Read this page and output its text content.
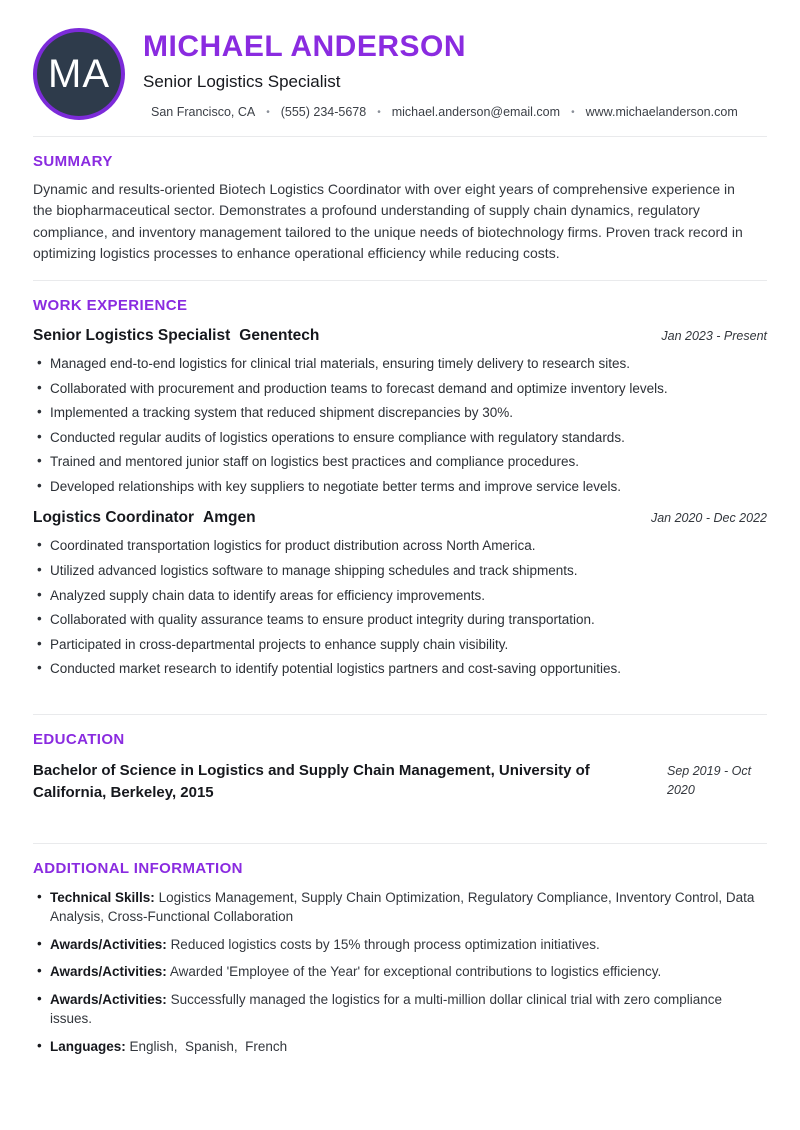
MA
MICHAEL ANDERSON
Senior Logistics Specialist
San Francisco, CA • (555) 234-5678 • michael.anderson@email.com • www.michaelanderson.com
SUMMARY
Dynamic and results-oriented Biotech Logistics Coordinator with over eight years of comprehensive experience in the biopharmaceutical sector. Demonstrates a profound understanding of supply chain dynamics, regulatory compliance, and inventory management tailored to the unique needs of biotechnology firms. Proven track record in optimizing logistics processes to enhance operational efficiency while reducing costs.
WORK EXPERIENCE
Senior Logistics Specialist Genentech	Jan 2023 - Present
• Managed end-to-end logistics for clinical trial materials, ensuring timely delivery to research sites.
• Collaborated with procurement and production teams to forecast demand and optimize inventory levels.
• Implemented a tracking system that reduced shipment discrepancies by 30%.
• Conducted regular audits of logistics operations to ensure compliance with regulatory standards.
• Trained and mentored junior staff on logistics best practices and compliance procedures.
• Developed relationships with key suppliers to negotiate better terms and improve service levels.
Logistics Coordinator Amgen	Jan 2020 - Dec 2022
• Coordinated transportation logistics for product distribution across North America.
• Utilized advanced logistics software to manage shipping schedules and track shipments.
• Analyzed supply chain data to identify areas for efficiency improvements.
• Collaborated with quality assurance teams to ensure product integrity during transportation.
• Participated in cross-departmental projects to enhance supply chain visibility.
• Conducted market research to identify potential logistics partners and cost-saving opportunities.
EDUCATION
Bachelor of Science in Logistics and Supply Chain Management, University of California, Berkeley, 2015
Sep 2019 - Oct 2020
ADDITIONAL INFORMATION
• Technical Skills: Logistics Management, Supply Chain Optimization, Regulatory Compliance, Inventory Control, Data Analysis, Cross-Functional Collaboration
• Awards/Activities: Reduced logistics costs by 15% through process optimization initiatives.
• Awards/Activities: Awarded 'Employee of the Year' for exceptional contributions to logistics efficiency.
• Awards/Activities: Successfully managed the logistics for a multi-million dollar clinical trial with zero compliance issues.
• Languages: English,  Spanish,  French
